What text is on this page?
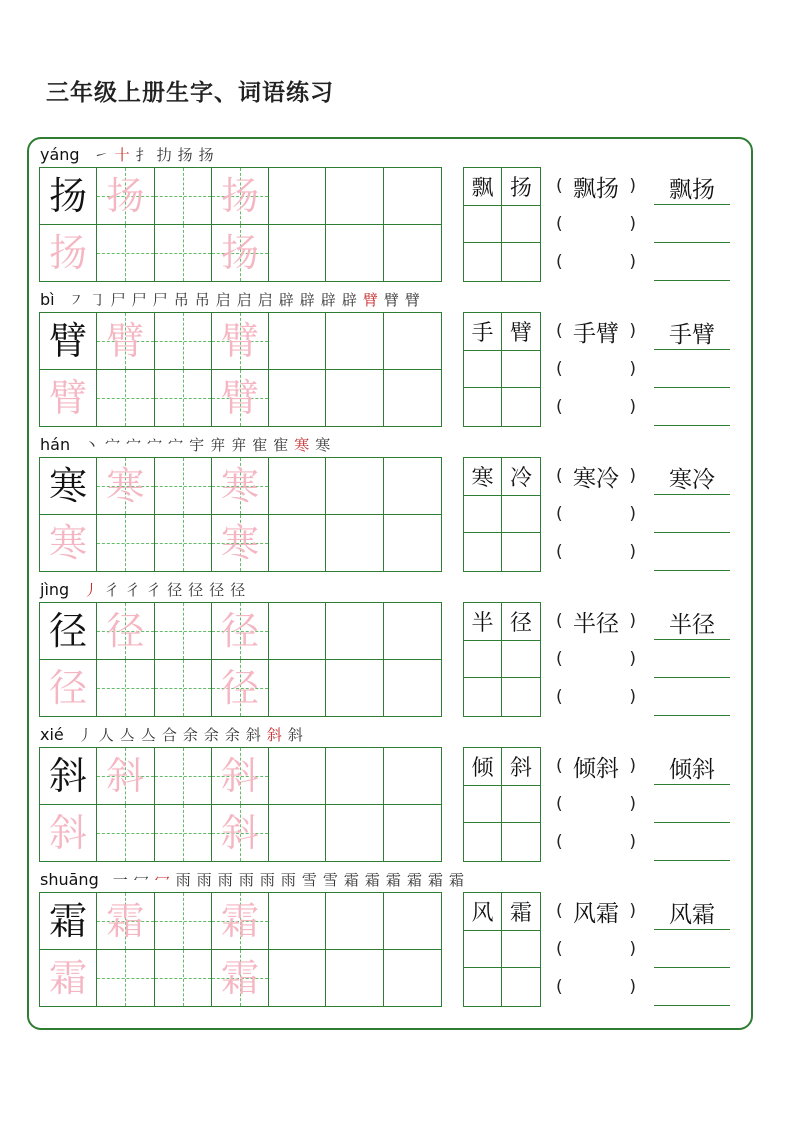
三年级上册生字、词语练习
yáng ㇀ 十 扌 扐 扬 扬
扬 扬 扬
扬	扬
飘 扬	( 飘扬 )
(	)
(	)
飘扬
bì ㇇ ㇆ 尸 尸 尸 吊 吊 启 启 启 辟 辟 辟 辟 臂 臂 臂
臂 臂 臂
臂	臂
手 臂	( 手臂 )
(	)
(	)
手臂
hán 丶 宀 宀 宀 宀 宇 宑 宑 寉 寉 寒 寒
寒 寒 寒
寒	寒
寒 冷	( 寒冷 )
(	)
(	)
寒冷
jìng 丿 彳 彳 彳 径 径 径 径
径 径 径
径	径
半 径	( 半径 )
(	)
(	)
半径
xié 丿 人 亼 亼 合 余 余 余 斜 斜 斜
斜 斜 斜
斜	斜
倾 斜	( 倾斜 )
(	)
(	)
倾斜
shuāng 一 冖 冖 雨 雨 雨 雨 雨 雨 雪 雪 霜 霜 霜 霜 霜 霜
霜 霜 霜
霜	霜
风 霜	( 风霜 )
(	)
(	)
风霜
